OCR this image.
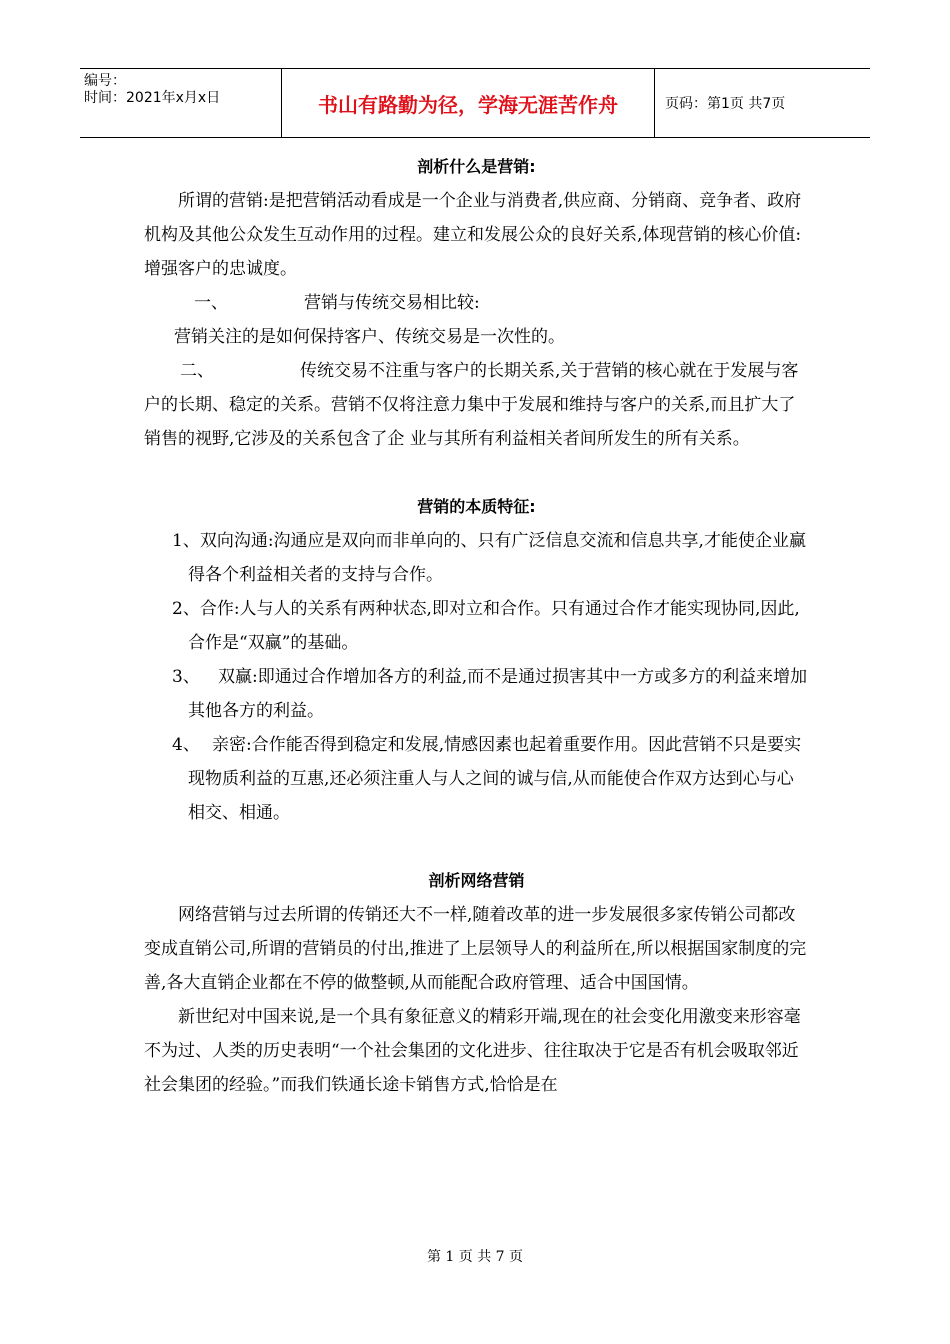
编号：
时间：2021年x月x日	书山有路勤为径，学海无涯苦作舟	页码：第1页 共7页

剖析什么是营销:

所谓的营销:是把营销活动看成是一个企业与消费者,供应商、分销商、竞争者、政府机构及其他公众发生互动作用的过程。建立和发展公众的良好关系,体现营销的核心价值:增强客户的忠诚度。

一、	营销与传统交易相比较:

营销关注的是如何保持客户、传统交易是一次性的。

二、	传统交易不注重与客户的长期关系,关于营销的核心就在于发展与客户的长期、稳定的关系。营销不仅将注意力集中于发展和维持与客户的关系,而且扩大了销售的视野,它涉及的关系包含了企 业与其所有利益相关者间所发生的所有关系。

营销的本质特征:

1、双向沟通:沟通应是双向而非单向的、只有广泛信息交流和信息共享,才能使企业赢得各个利益相关者的支持与合作。

2、合作:人与人的关系有两种状态,即对立和合作。只有通过合作才能实现协同,因此,合作是“双赢”的基础。

3、 双赢:即通过合作增加各方的利益,而不是通过损害其中一方或多方的利益来增加其他各方的利益。

4、 亲密:合作能否得到稳定和发展,情感因素也起着重要作用。因此营销不只是要实现物质利益的互惠,还必须注重人与人之间的诚与信,从而能使合作双方达到心与心相交、相通。

剖析网络营销

网络营销与过去所谓的传销还大不一样,随着改革的进一步发展很多家传销公司都改变成直销公司,所谓的营销员的付出,推进了上层领导人的利益所在,所以根据国家制度的完善,各大直销企业都在不停的做整顿,从而能配合政府管理、适合中国国情。

新世纪对中国来说,是一个具有象征意义的精彩开端,现在的社会变化用激变来形容毫不为过、人类的历史表明“一个社会集团的文化进步、往往取决于它是否有机会吸取邻近社会集团的经验。”而我们铁通长途卡销售方式,恰恰是在

第 1 页 共 7 页
